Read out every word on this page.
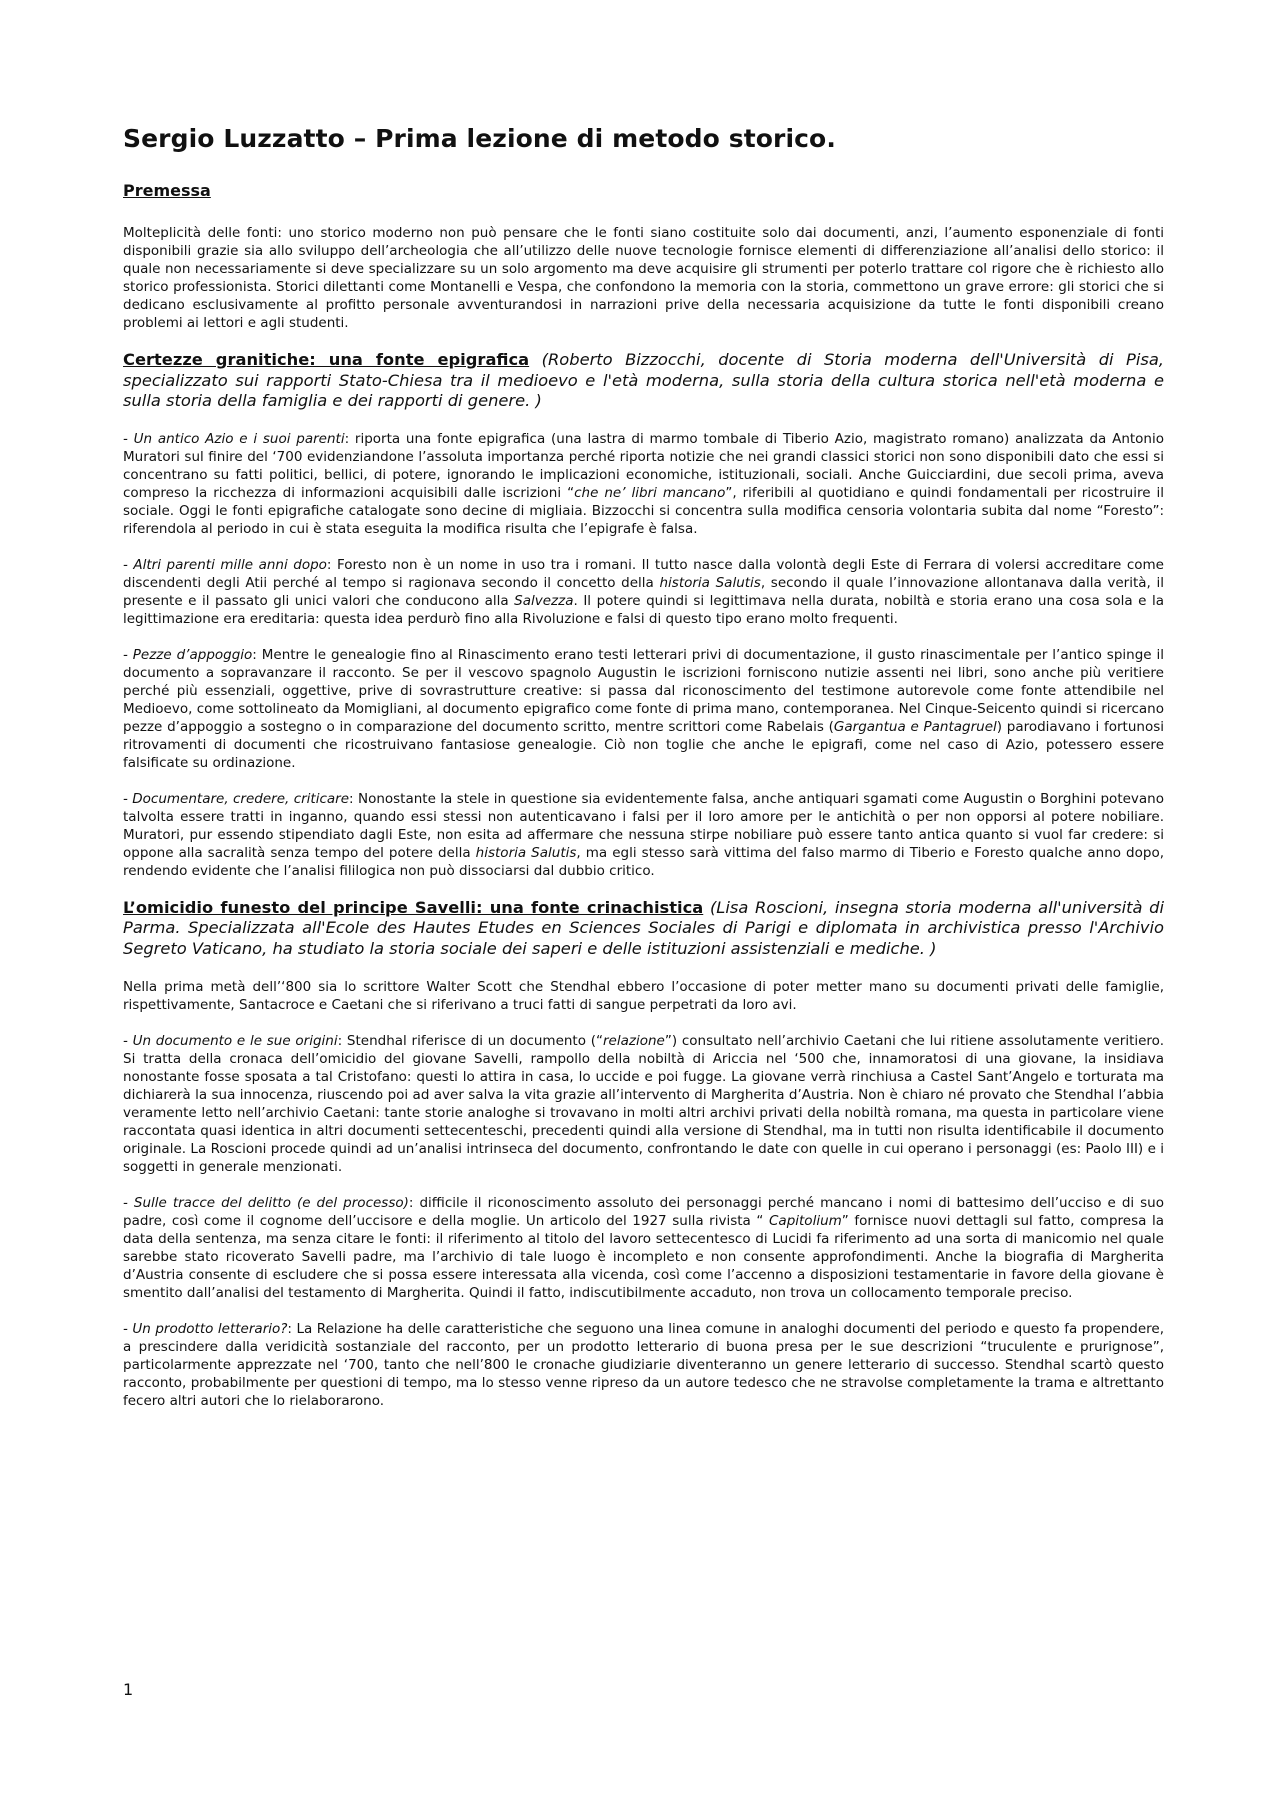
Sergio Luzzatto – Prima lezione di metodo storico.
Premessa

Molteplicità delle fonti: uno storico moderno non può pensare che le fonti siano costituite solo dai documenti, anzi, l’aumento esponenziale di fonti disponibili grazie sia allo sviluppo dell’archeologia che all’utilizzo delle nuove tecnologie fornisce elementi di differenziazione all’analisi dello storico: il quale non necessariamente si deve specializzare su un solo argomento ma deve acquisire gli strumenti per poterlo trattare col rigore che è richiesto allo storico professionista. Storici dilettanti come Montanelli e Vespa, che confondono la memoria con la storia, commettono un grave errore: gli storici che si dedicano esclusivamente al profitto personale avventurandosi in narrazioni prive della necessaria acquisizione da tutte le fonti disponibili creano problemi ai lettori e agli studenti.

Certezze granitiche: una fonte epigrafica (Roberto Bizzocchi, docente di Storia moderna dell'Università di Pisa, specializzato sui rapporti Stato-Chiesa tra il medioevo e l'età moderna, sulla storia della cultura storica nell'età moderna e sulla storia della famiglia e dei rapporti di genere. )

- Un antico Azio e i suoi parenti: riporta una fonte epigrafica (una lastra di marmo tombale di Tiberio Azio, magistrato romano) analizzata da Antonio Muratori sul finire del ‘700 evidenziandone l’assoluta importanza perché riporta notizie che nei grandi classici storici non sono disponibili dato che essi si concentrano su fatti politici, bellici, di potere, ignorando le implicazioni economiche, istituzionali, sociali. Anche Guicciardini, due secoli prima, aveva compreso la ricchezza di informazioni acquisibili dalle iscrizioni “che ne’ libri mancano”, riferibili al quotidiano e quindi fondamentali per ricostruire il sociale. Oggi le fonti epigrafiche catalogate sono decine di migliaia. Bizzocchi si concentra sulla modifica censoria volontaria subita dal nome “Foresto”: riferendola al periodo in cui è stata eseguita la modifica risulta che l’epigrafe è falsa.

- Altri parenti mille anni dopo: Foresto non è un nome in uso tra i romani. Il tutto nasce dalla volontà degli Este di Ferrara di volersi accreditare come discendenti degli Atii perché al tempo si ragionava secondo il concetto della historia Salutis, secondo il quale l’innovazione allontanava dalla verità, il presente e il passato gli unici valori che conducono alla Salvezza. Il potere quindi si legittimava nella durata, nobiltà e storia erano una cosa sola e la legittimazione era ereditaria: questa idea perdurò fino alla Rivoluzione e falsi di questo tipo erano molto frequenti.

- Pezze d’appoggio: Mentre le genealogie fino al Rinascimento erano testi letterari privi di documentazione, il gusto rinascimentale per l’antico spinge il documento a sopravanzare il racconto. Se per il vescovo spagnolo Augustin le iscrizioni forniscono nutizie assenti nei libri, sono anche più veritiere perché più essenziali, oggettive, prive di sovrastrutture creative: si passa dal riconoscimento del testimone autorevole come fonte attendibile nel Medioevo, come sottolineato da Momigliani, al documento epigrafico come fonte di prima mano, contemporanea. Nel Cinque-Seicento quindi si ricercano pezze d’appoggio a sostegno o in comparazione del documento scritto, mentre scrittori come Rabelais (Gargantua e Pantagruel) parodiavano i fortunosi ritrovamenti di documenti che ricostruivano fantasiose genealogie. Ciò non toglie che anche le epigrafi, come nel caso di Azio, potessero essere falsificate su ordinazione.

- Documentare, credere, criticare: Nonostante la stele in questione sia evidentemente falsa, anche antiquari sgamati come Augustin o Borghini potevano talvolta essere tratti in inganno, quando essi stessi non autenticavano i falsi per il loro amore per le antichità o per non opporsi al potere nobiliare. Muratori, pur essendo stipendiato dagli Este, non esita ad affermare che nessuna stirpe nobiliare può essere tanto antica quanto si vuol far credere: si oppone alla sacralità senza tempo del potere della historia Salutis, ma egli stesso sarà vittima del falso marmo di Tiberio e Foresto qualche anno dopo, rendendo evidente che l’analisi fililogica non può dissociarsi dal dubbio critico.

L’omicidio funesto del principe Savelli: una fonte crinachistica (Lisa Roscioni, insegna storia moderna all'università di Parma. Specializzata all'Ecole des Hautes Etudes en Sciences Sociales di Parigi e diplomata in archivistica presso l'Archivio Segreto Vaticano, ha studiato la storia sociale dei saperi e delle istituzioni assistenziali e mediche. )

Nella prima metà dell’‘800 sia lo scrittore Walter Scott che Stendhal ebbero l’occasione di poter metter mano su documenti privati delle famiglie, rispettivamente, Santacroce e Caetani che si riferivano a truci fatti di sangue perpetrati da loro avi.

- Un documento e le sue origini: Stendhal riferisce di un documento (“relazione”) consultato nell’archivio Caetani che lui ritiene assolutamente veritiero. Si tratta della cronaca dell’omicidio del giovane Savelli, rampollo della nobiltà di Ariccia nel ‘500 che, innamoratosi di una giovane, la insidiava nonostante fosse sposata a tal Cristofano: questi lo attira in casa, lo uccide e poi fugge. La giovane verrà rinchiusa a Castel Sant’Angelo e torturata ma dichiarerà la sua innocenza, riuscendo poi ad aver salva la vita grazie all’intervento di Margherita d’Austria. Non è chiaro né provato che Stendhal l’abbia veramente letto nell’archivio Caetani: tante storie analoghe si trovavano in molti altri archivi privati della nobiltà romana, ma questa in particolare viene raccontata quasi identica in altri documenti settecenteschi, precedenti quindi alla versione di Stendhal, ma in tutti non risulta identificabile il documento originale. La Roscioni procede quindi ad un’analisi intrinseca del documento, confrontando le date con quelle in cui operano i personaggi (es: Paolo III) e i soggetti in generale menzionati.

- Sulle tracce del delitto (e del processo): difficile il riconoscimento assoluto dei personaggi perché mancano i nomi di battesimo dell’ucciso e di suo padre, così come il cognome dell’uccisore e della moglie. Un articolo del 1927 sulla rivista “ Capitolium” fornisce nuovi dettagli sul fatto, compresa la data della sentenza, ma senza citare le fonti: il riferimento al titolo del lavoro settecentesco di Lucidi fa riferimento ad una sorta di manicomio nel quale sarebbe stato ricoverato Savelli padre, ma l’archivio di tale luogo è incompleto e non consente approfondimenti. Anche la biografia di Margherita d’Austria consente di escludere che si possa essere interessata alla vicenda, così come l’accenno a disposizioni testamentarie in favore della giovane è smentito dall’analisi del testamento di Margherita. Quindi il fatto, indiscutibilmente accaduto, non trova un collocamento temporale preciso.

- Un prodotto letterario?: La Relazione ha delle caratteristiche che seguono una linea comune in analoghi documenti del periodo e questo fa propendere, a prescindere dalla veridicità sostanziale del racconto, per un prodotto letterario di buona presa per le sue descrizioni “truculente e prurignose”, particolarmente apprezzate nel ‘700, tanto che nell’800 le cronache giudiziarie diventeranno un genere letterario di successo. Stendhal scartò questo racconto, probabilmente per questioni di tempo, ma lo stesso venne ripreso da un autore tedesco che ne stravolse completamente la trama e altrettanto fecero altri autori che lo rielaborarono.

1
